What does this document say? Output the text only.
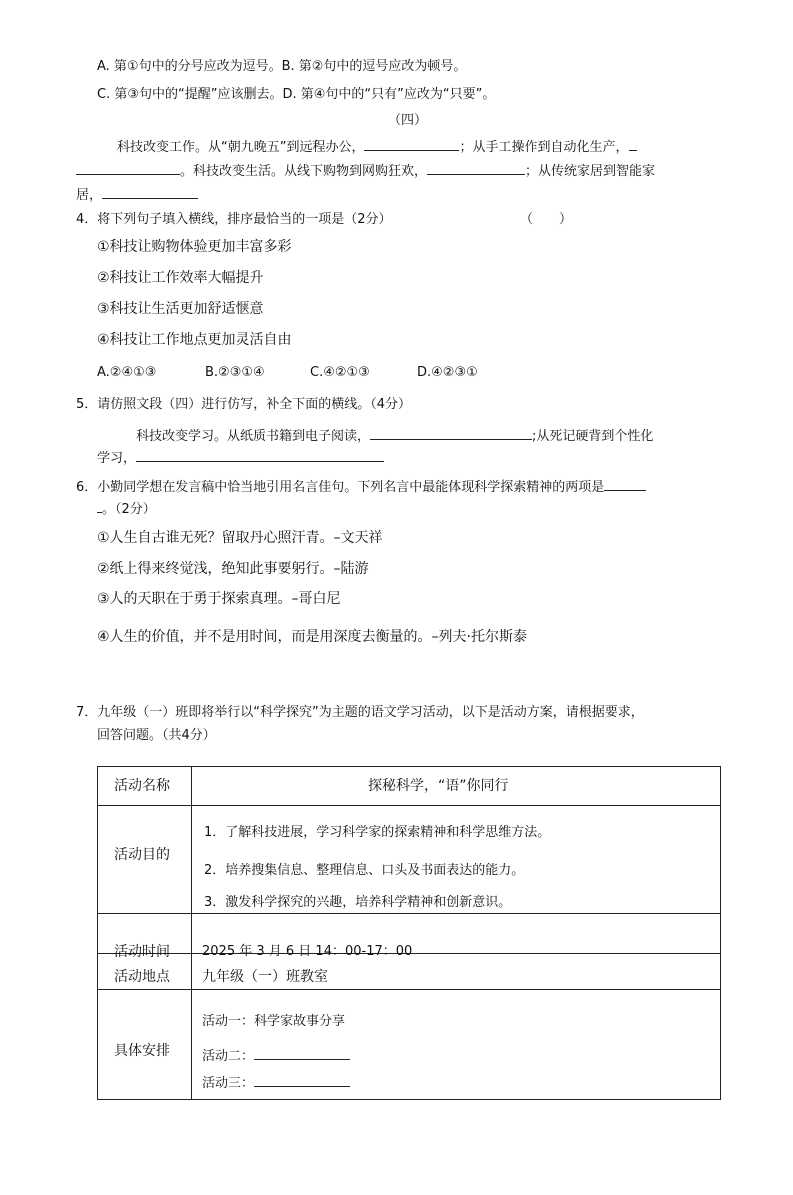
A. 第①句中的分号应改为逗号。B. 第②句中的逗号应改为顿号。
C. 第③句中的“提醒”应该删去。D. 第④句中的“只有”应改为“只要”。
（四）
科技改变工作。从“朝九晚五”到远程办公，	；从手工操作到自动化生产，
。科技改变生活。从线下购物到网购狂欢，	；从传统家居到智能家
居，
4．将下列句子填入横线，排序最恰当的一项是（2分）	（　　）
①科技让购物体验更加丰富多彩
②科技让工作效率大幅提升
③科技让生活更加舒适惬意
④科技让工作地点更加灵活自由
A.②④①③	B.②③①④	C.④②①③	D.④②③①
5．请仿照文段（四）进行仿写，补全下面的横线。（4分）
科技改变学习。从纸质书籍到电子阅读，	;从死记硬背到个性化
学习，
6．小勤同学想在发言稿中恰当地引用名言佳句。下列名言中最能体现科学探索精神的两项是
。（2分）
①人生自古谁无死？留取丹心照汗青。–文天祥
②纸上得来终觉浅，绝知此事要躬行。–陆游
③人的天职在于勇于探索真理。–哥白尼
④人生的价值，并不是用时间，而是用深度去衡量的。–列夫·托尔斯泰
7．九年级（一）班即将举行以“科学探究”为主题的语文学习活动，以下是活动方案，请根据要求，
回答问题。（共4分）
活动名称	探秘科学，“语”你同行
活动目的
1．了解科技进展，学习科学家的探索精神和科学思维方法。
2．培养搜集信息、整理信息、口头及书面表达的能力。
3．激发科学探究的兴趣，培养科学精神和创新意识。
活动时间 2025 年 3 月 6 日 14：00-17：00
活动地点 九年级（一）班教室
具体安排
活动一：科学家故事分享
活动二：
活动三：
